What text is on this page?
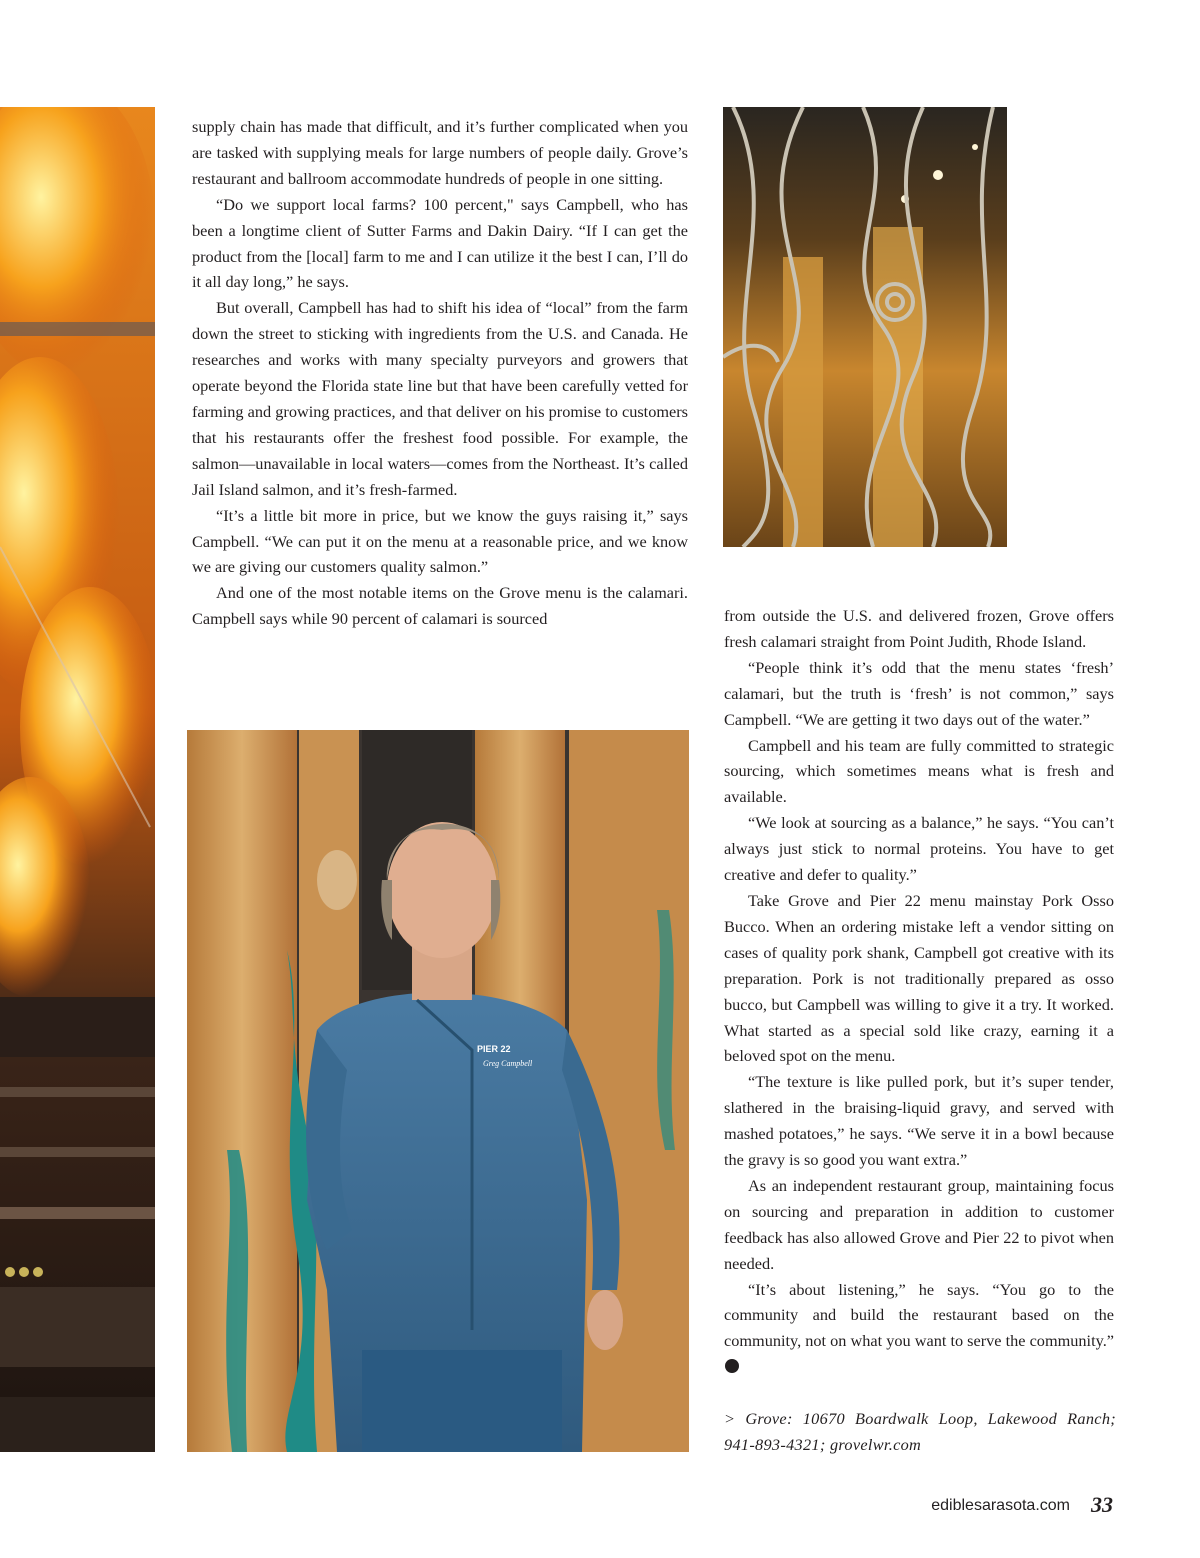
PIER 22
Greg Campbell

supply chain has made that difficult, and it’s further complicated when you are tasked with supplying meals for large numbers of people daily. Grove’s restaurant and ballroom accommodate hundreds of people in one sitting.

“Do we support local farms? 100 percent," says Campbell, who has been a longtime client of Sutter Farms and Dakin Dairy. “If I can get the product from the [local] farm to me and I can utilize it the best I can, I’ll do it all day long,” he says.

But overall, Campbell has had to shift his idea of “local” from the farm down the street to sticking with ingredients from the U.S. and Canada. He researches and works with many specialty purveyors and growers that operate beyond the Florida state line but that have been carefully vetted for farming and growing practices, and that deliver on his promise to customers that his restaurants offer the freshest food possible. For example, the salmon—unavailable in local waters—comes from the Northeast. It’s called Jail Island salmon, and it’s fresh-farmed.

“It’s a little bit more in price, but we know the guys raising it,” says Campbell. “We can put it on the menu at a reasonable price, and we know we are giving our customers quality salmon.”

And one of the most notable items on the Grove menu is the calamari. Campbell says while 90 percent of calamari is sourced	from outside the U.S. and delivered frozen, Grove offers fresh calamari straight from Point Judith, Rhode Island.

“People think it’s odd that the menu states ‘fresh’ calamari, but the truth is ‘fresh’ is not common,” says Campbell. “We are getting it two days out of the water.”

Campbell and his team are fully committed to strategic sourcing, which sometimes means what is fresh and available.

“We look at sourcing as a balance,” he says. “You can’t always just stick to normal proteins. You have to get creative and defer to quality.”

Take Grove and Pier 22 menu mainstay Pork Osso Bucco. When an ordering mistake left a vendor sitting on cases of quality pork shank, Campbell got creative with its preparation. Pork is not traditionally prepared as osso bucco, but Campbell was willing to give it a try. It worked. What started as a special sold like crazy, earning it a beloved spot on the menu.

“The texture is like pulled pork, but it’s super tender, slathered in the braising-liquid gravy, and served with mashed potatoes,” he says. “We serve it in a bowl because the gravy is so good you want extra.”

As an independent restaurant group, maintaining focus on sourcing and preparation in addition to customer feedback has also allowed Grove and Pier 22 to pivot when needed.

“It’s about listening,” he says. “You go to the community and build the restaurant based on the community, not on what you want to serve the community.”e

> Grove: 10670 Boardwalk Loop, Lakewood Ranch; 941-893-4321; grovelwr.com
ediblesarasota.com 33
